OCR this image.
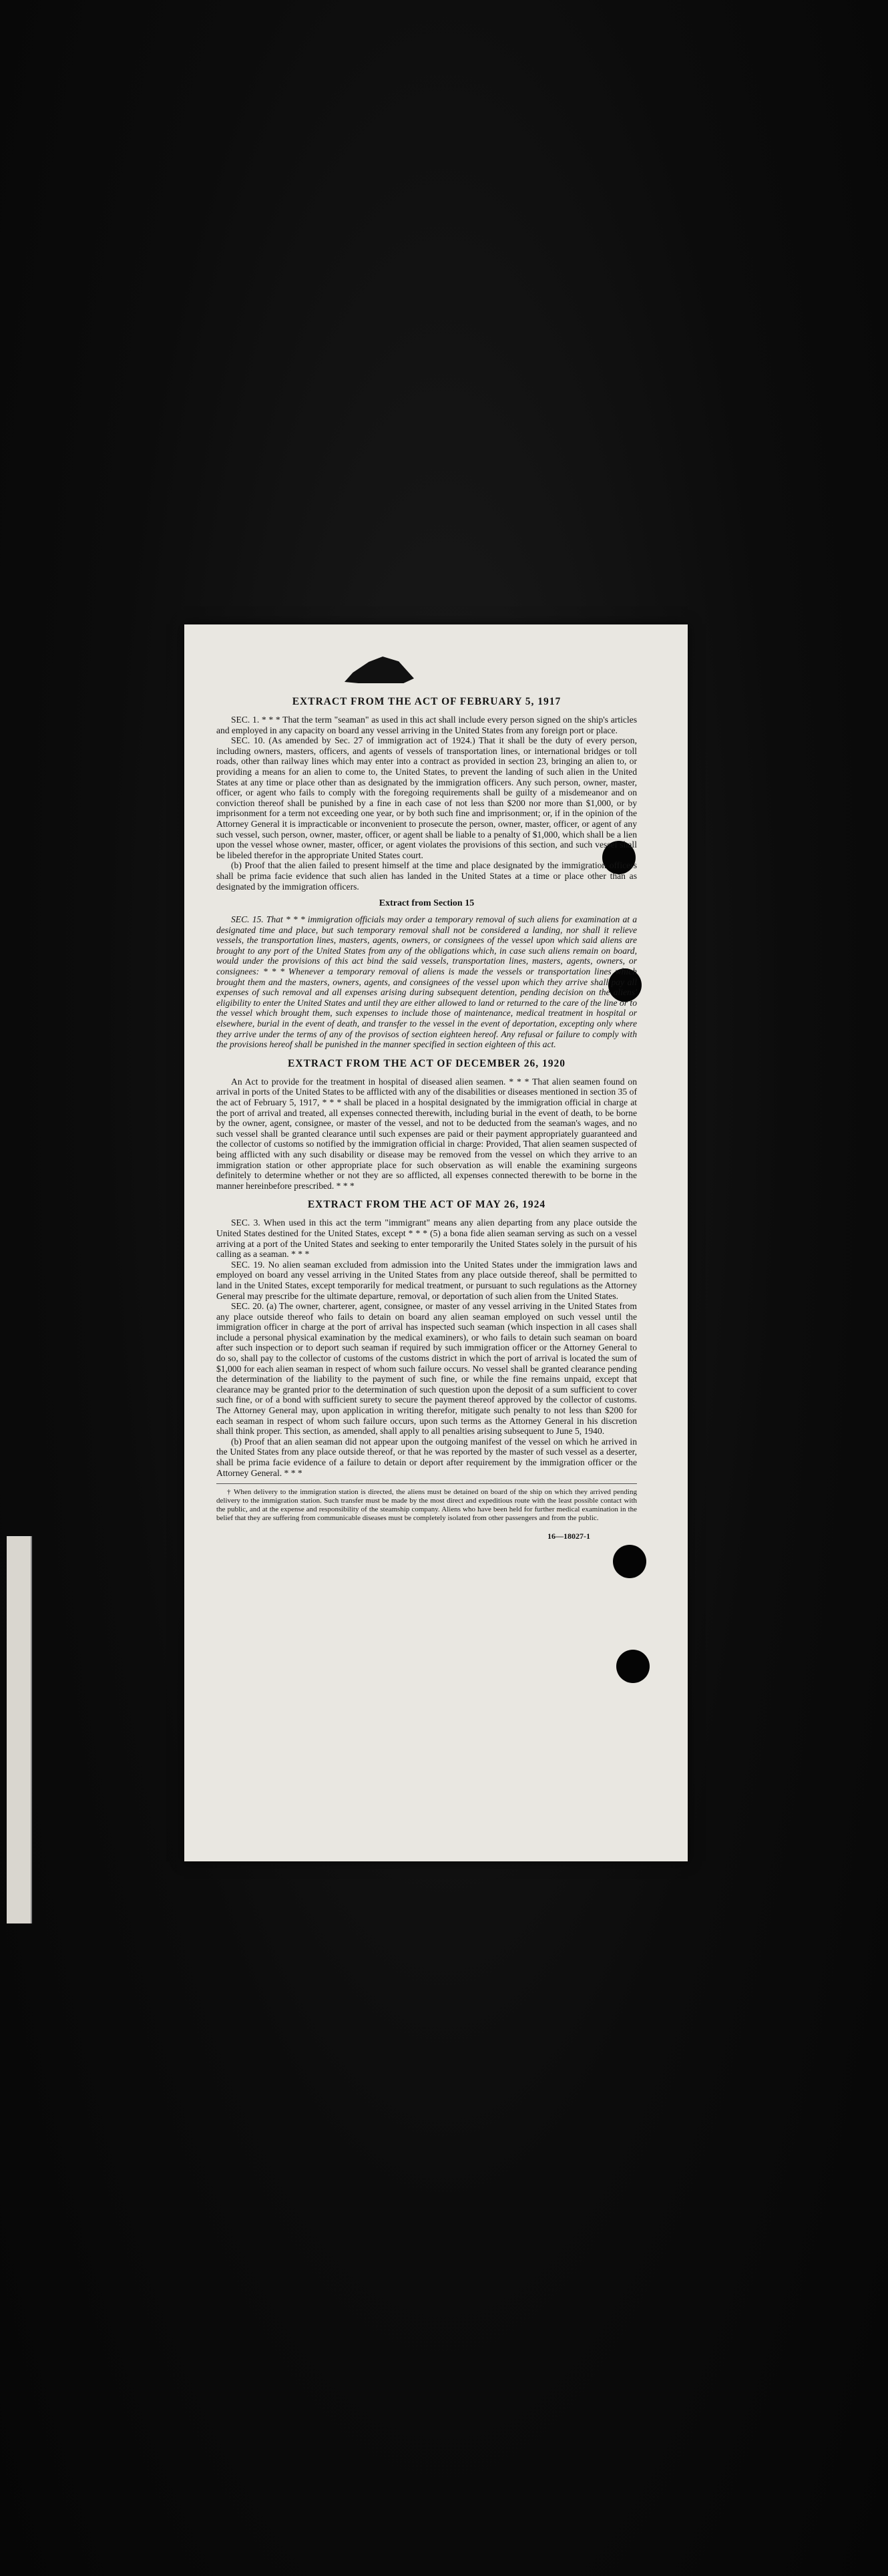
EXTRACT FROM THE ACT OF FEBRUARY 5, 1917

SEC. 1. * * * That the term "seaman" as used in this act shall include every person signed on the ship's articles and employed in any capacity on board any vessel arriving in the United States from any foreign port or place.

SEC. 10. (As amended by Sec. 27 of immigration act of 1924.) That it shall be the duty of every person, including owners, masters, officers, and agents of vessels of transportation lines, or international bridges or toll roads, other than railway lines which may enter into a contract as provided in section 23, bringing an alien to, or providing a means for an alien to come to, the United States, to prevent the landing of such alien in the United States at any time or place other than as designated by the immigration officers. Any such person, owner, master, officer, or agent who fails to comply with the foregoing requirements shall be guilty of a misdemeanor and on conviction thereof shall be punished by a fine in each case of not less than $200 nor more than $1,000, or by imprisonment for a term not exceeding one year, or by both such fine and imprisonment; or, if in the opinion of the Attorney General it is impracticable or inconvenient to prosecute the person, owner, master, officer, or agent of any such vessel, such person, owner, master, officer, or agent shall be liable to a penalty of $1,000, which shall be a lien upon the vessel whose owner, master, officer, or agent violates the provisions of this section, and such vessel shall be libeled therefor in the appropriate United States court.

(b) Proof that the alien failed to present himself at the time and place designated by the immigration officers shall be prima facie evidence that such alien has landed in the United States at a time or place other than as designated by the immigration officers.

Extract from Section 15

SEC. 15. That * * * immigration officials may order a temporary removal of such aliens for examination at a designated time and place, but such temporary removal shall not be considered a landing, nor shall it relieve vessels, the transportation lines, masters, agents, owners, or consignees of the vessel upon which said aliens are brought to any port of the United States from any of the obligations which, in case such aliens remain on board, would under the provisions of this act bind the said vessels, transportation lines, masters, agents, owners, or consignees: * * * Whenever a temporary removal of aliens is made the vessels or transportation lines which brought them and the masters, owners, agents, and consignees of the vessel upon which they arrive shall pay all expenses of such removal and all expenses arising during subsequent detention, pending decision on the aliens' eligibility to enter the United States and until they are either allowed to land or returned to the care of the line or to the vessel which brought them, such expenses to include those of maintenance, medical treatment in hospital or elsewhere, burial in the event of death, and transfer to the vessel in the event of deportation, excepting only where they arrive under the terms of any of the provisos of section eighteen hereof. Any refusal or failure to comply with the provisions hereof shall be punished in the manner specified in section eighteen of this act.

EXTRACT FROM THE ACT OF DECEMBER 26, 1920

An Act to provide for the treatment in hospital of diseased alien seamen. * * * That alien seamen found on arrival in ports of the United States to be afflicted with any of the disabilities or diseases mentioned in section 35 of the act of February 5, 1917, * * * shall be placed in a hospital designated by the immigration official in charge at the port of arrival and treated, all expenses connected therewith, including burial in the event of death, to be borne by the owner, agent, consignee, or master of the vessel, and not to be deducted from the seaman's wages, and no such vessel shall be granted clearance until such expenses are paid or their payment appropriately guaranteed and the collector of customs so notified by the immigration official in charge: Provided, That alien seamen suspected of being afflicted with any such disability or disease may be removed from the vessel on which they arrive to an immigration station or other appropriate place for such observation as will enable the examining surgeons definitely to determine whether or not they are so afflicted, all expenses connected therewith to be borne in the manner hereinbefore prescribed. * * *

EXTRACT FROM THE ACT OF MAY 26, 1924

SEC. 3. When used in this act the term "immigrant" means any alien departing from any place outside the United States destined for the United States, except * * * (5) a bona fide alien seaman serving as such on a vessel arriving at a port of the United States and seeking to enter temporarily the United States solely in the pursuit of his calling as a seaman. * * *

SEC. 19. No alien seaman excluded from admission into the United States under the immigration laws and employed on board any vessel arriving in the United States from any place outside thereof, shall be permitted to land in the United States, except temporarily for medical treatment, or pursuant to such regulations as the Attorney General may prescribe for the ultimate departure, removal, or deportation of such alien from the United States.

SEC. 20. (a) The owner, charterer, agent, consignee, or master of any vessel arriving in the United States from any place outside thereof who fails to detain on board any alien seaman employed on such vessel until the immigration officer in charge at the port of arrival has inspected such seaman (which inspection in all cases shall include a personal physical examination by the medical examiners), or who fails to detain such seaman on board after such inspection or to deport such seaman if required by such immigration officer or the Attorney General to do so, shall pay to the collector of customs of the customs district in which the port of arrival is located the sum of $1,000 for each alien seaman in respect of whom such failure occurs. No vessel shall be granted clearance pending the determination of the liability to the payment of such fine, or while the fine remains unpaid, except that clearance may be granted prior to the determination of such question upon the deposit of a sum sufficient to cover such fine, or of a bond with sufficient surety to secure the payment thereof approved by the collector of customs. The Attorney General may, upon application in writing therefor, mitigate such penalty to not less than $200 for each seaman in respect of whom such failure occurs, upon such terms as the Attorney General in his discretion shall think proper. This section, as amended, shall apply to all penalties arising subsequent to June 5, 1940.

(b) Proof that an alien seaman did not appear upon the outgoing manifest of the vessel on which he arrived in the United States from any place outside thereof, or that he was reported by the master of such vessel as a deserter, shall be prima facie evidence of a failure to detain or deport after requirement by the immigration officer or the Attorney General. * * *

† When delivery to the immigration station is directed, the aliens must be detained on board of the ship on which they arrived pending delivery to the immigration station. Such transfer must be made by the most direct and expeditious route with the least possible contact with the public, and at the expense and responsibility of the steamship company. Aliens who have been held for further medical examination in the belief that they are suffering from communicable diseases must be completely isolated from other passengers and from the public.
16—18027-1
